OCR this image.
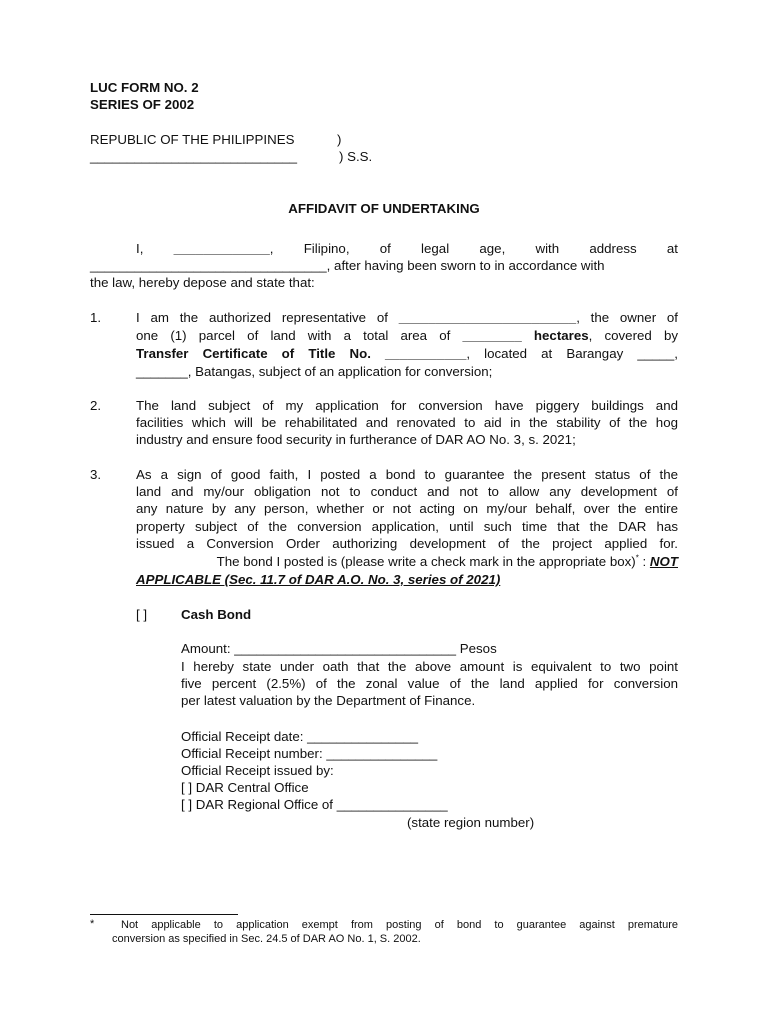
LUC FORM NO. 2
SERIES OF 2002
REPUBLIC OF THE PHILIPPINES	)
____________________________	) S.S.
AFFIDAVIT OF UNDERTAKING
I, _____________, Filipino, of legal age, with address at
________________________________, after having been sworn to in accordance with
the law, hereby depose and state that:
1.	I am the authorized representative of ________________________, the owner of
one (1) parcel of land with a total area of ________ hectares, covered by
Transfer Certificate of Title No. ___________, located at Barangay _____,
_______, Batangas, subject of an application for conversion;
2.	The land subject of my application for conversion have piggery buildings and
facilities which will be rehabilitated and renovated to aid in the stability of the hog
industry and ensure food security in furtherance of DAR AO No. 3, s. 2021;
3.	As a sign of good faith, I posted a bond to guarantee the present status of the
land and my/our obligation not to conduct and not to allow any development of
any nature by any person, whether or not acting on my/our behalf, over the entire
property subject of the conversion application, until such time that the DAR has
issued a Conversion Order authorizing development of the project applied for.
The bond I posted is (please write a check mark in the appropriate box)* : NOT
APPLICABLE (Sec. 11.7 of DAR A.O. No. 3, series of 2021)
[ ]	Cash Bond
Amount: ______________________________ Pesos
I hereby state under oath that the above amount is equivalent to two point
five percent (2.5%) of the zonal value of the land applied for conversion
per latest valuation by the Department of Finance.
Official Receipt date: _______________
Official Receipt number: _______________
Official Receipt issued by:
[ ] DAR Central Office
[ ] DAR Regional Office of _______________
(state region number)
* Not applicable to application exempt from posting of bond to guarantee against premature
conversion as specified in Sec. 24.5 of DAR AO No. 1, S. 2002.
